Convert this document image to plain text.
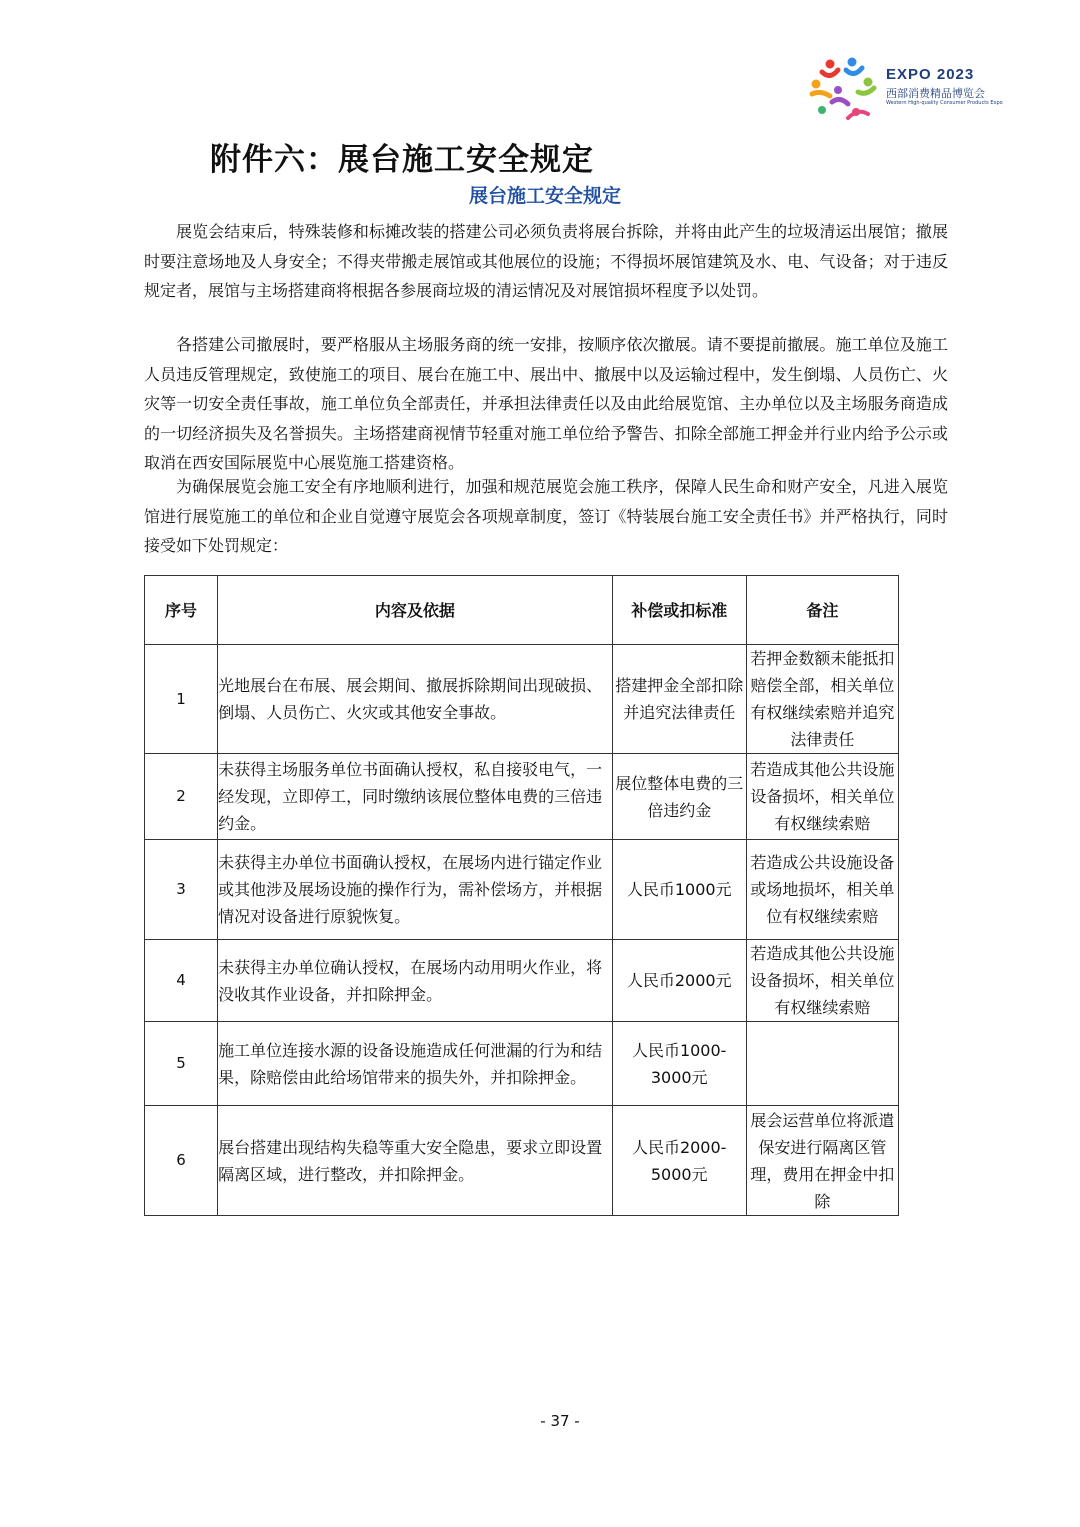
EXPO 2023
西部消费精品博览会
Western High-quality Consumer Products Expo
附件六：展台施工安全规定
展台施工安全规定

展览会结束后，特殊装修和标摊改装的搭建公司必须负责将展台拆除，并将由此产生的垃圾清运出展馆；撤展时要注意场地及人身安全；不得夹带搬走展馆或其他展位的设施；不得损坏展馆建筑及水、电、气设备；对于违反规定者，展馆与主场搭建商将根据各参展商垃圾的清运情况及对展馆损坏程度予以处罚。

各搭建公司撤展时，要严格服从主场服务商的统一安排，按顺序依次撤展。请不要提前撤展。施工单位及施工人员违反管理规定，致使施工的项目、展台在施工中、展出中、撤展中以及运输过程中，发生倒塌、人员伤亡、火灾等一切安全责任事故，施工单位负全部责任，并承担法律责任以及由此给展览馆、主办单位以及主场服务商造成的一切经济损失及名誉损失。主场搭建商视情节轻重对施工单位给予警告、扣除全部施工押金并行业内给予公示或取消在西安国际展览中心展览施工搭建资格。

为确保展览会施工安全有序地顺利进行，加强和规范展览会施工秩序，保障人民生命和财产安全，凡进入展览馆进行展览施工的单位和企业自觉遵守展览会各项规章制度，签订《特装展台施工安全责任书》并严格执行，同时接受如下处罚规定：

序号	内容及依据	补偿或扣标准	备注
1	光地展台在布展、展会期间、撤展拆除期间出现破损、倒塌、人员伤亡、火灾或其他安全事故。	搭建押金全部扣除并追究法律责任	若押金数额未能抵扣赔偿全部，相关单位有权继续索赔并追究法律责任
2	未获得主场服务单位书面确认授权，私自接驳电气，一经发现，立即停工，同时缴纳该展位整体电费的三倍违约金。	展位整体电费的三倍违约金	若造成其他公共设施设备损坏，相关单位有权继续索赔
3	未获得主办单位书面确认授权，在展场内进行锚定作业或其他涉及展场设施的操作行为，需补偿场方，并根据情况对设备进行原貌恢复。	人民币1000元	若造成公共设施设备或场地损坏，相关单位有权继续索赔
4	未获得主办单位确认授权，在展场内动用明火作业，将没收其作业设备，并扣除押金。	人民币2000元	若造成其他公共设施设备损坏，相关单位有权继续索赔
5	施工单位连接水源的设备设施造成任何泄漏的行为和结果，除赔偿由此给场馆带来的损失外，并扣除押金。	人民币1000-3000元	
6	展台搭建出现结构失稳等重大安全隐患，要求立即设置隔离区域，进行整改，并扣除押金。	人民币2000-5000元	展会运营单位将派遣保安进行隔离区管理，费用在押金中扣除

- 37 -
